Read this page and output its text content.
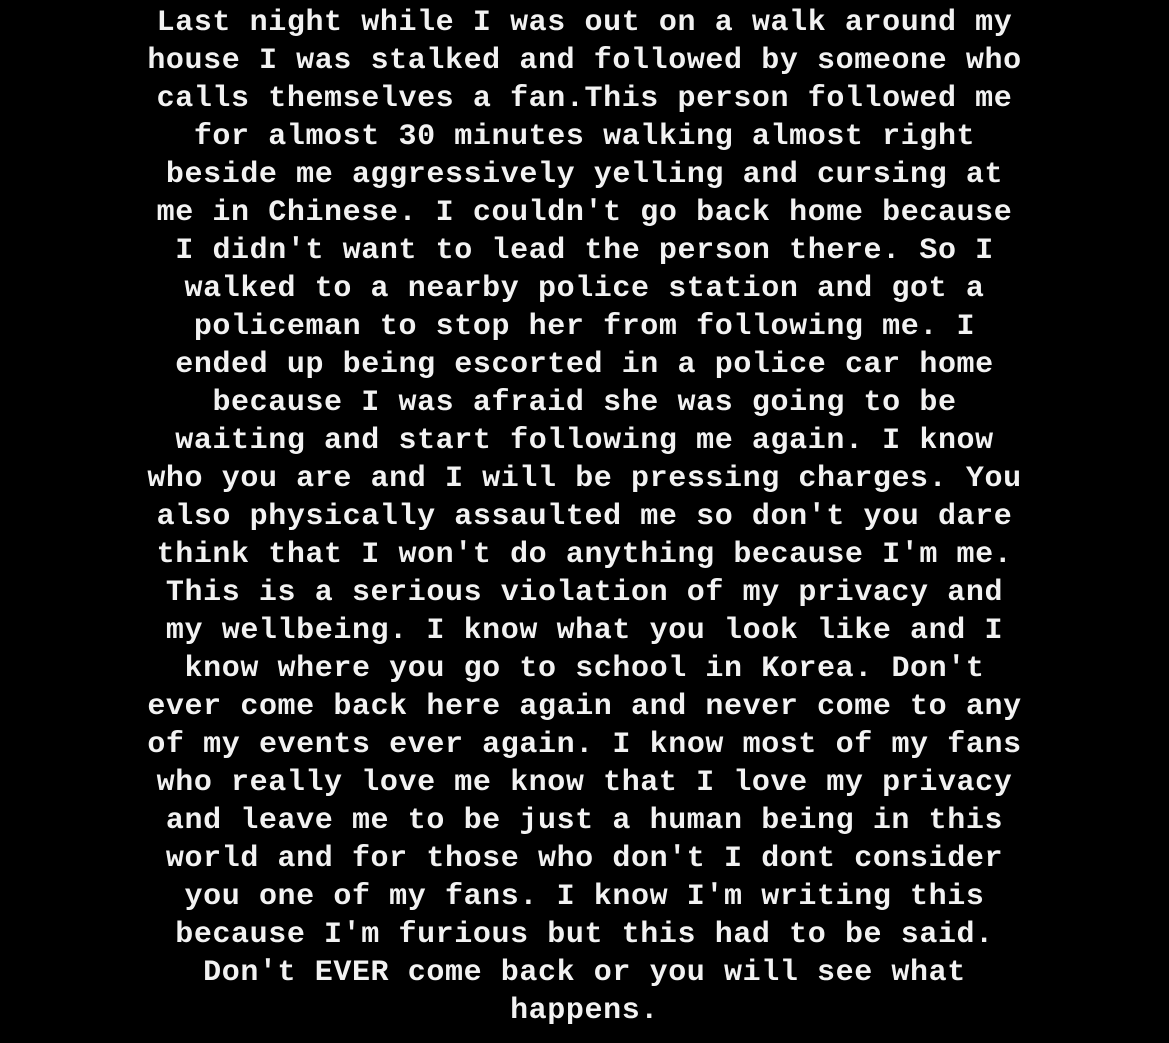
Last night while I was out on a walk around my
house I was stalked and followed by someone who
calls themselves a fan.This person followed me
for almost 30 minutes walking almost right
beside me aggressively yelling and cursing at
me in Chinese. I couldn't go back home because
I didn't want to lead the person there. So I
walked to a nearby police station and got a
policeman to stop her from following me. I
ended up being escorted in a police car home
because I was afraid she was going to be
waiting and start following me again. I know
who you are and I will be pressing charges. You
also physically assaulted me so don't you dare
think that I won't do anything because I'm me.
This is a serious violation of my privacy and
my wellbeing. I know what you look like and I
know where you go to school in Korea. Don't
ever come back here again and never come to any
of my events ever again. I know most of my fans
who really love me know that I love my privacy
and leave me to be just a human being in this
world and for those who don't I dont consider
you one of my fans. I know I'm writing this
because I'm furious but this had to be said.
Don't EVER come back or you will see what
happens.
